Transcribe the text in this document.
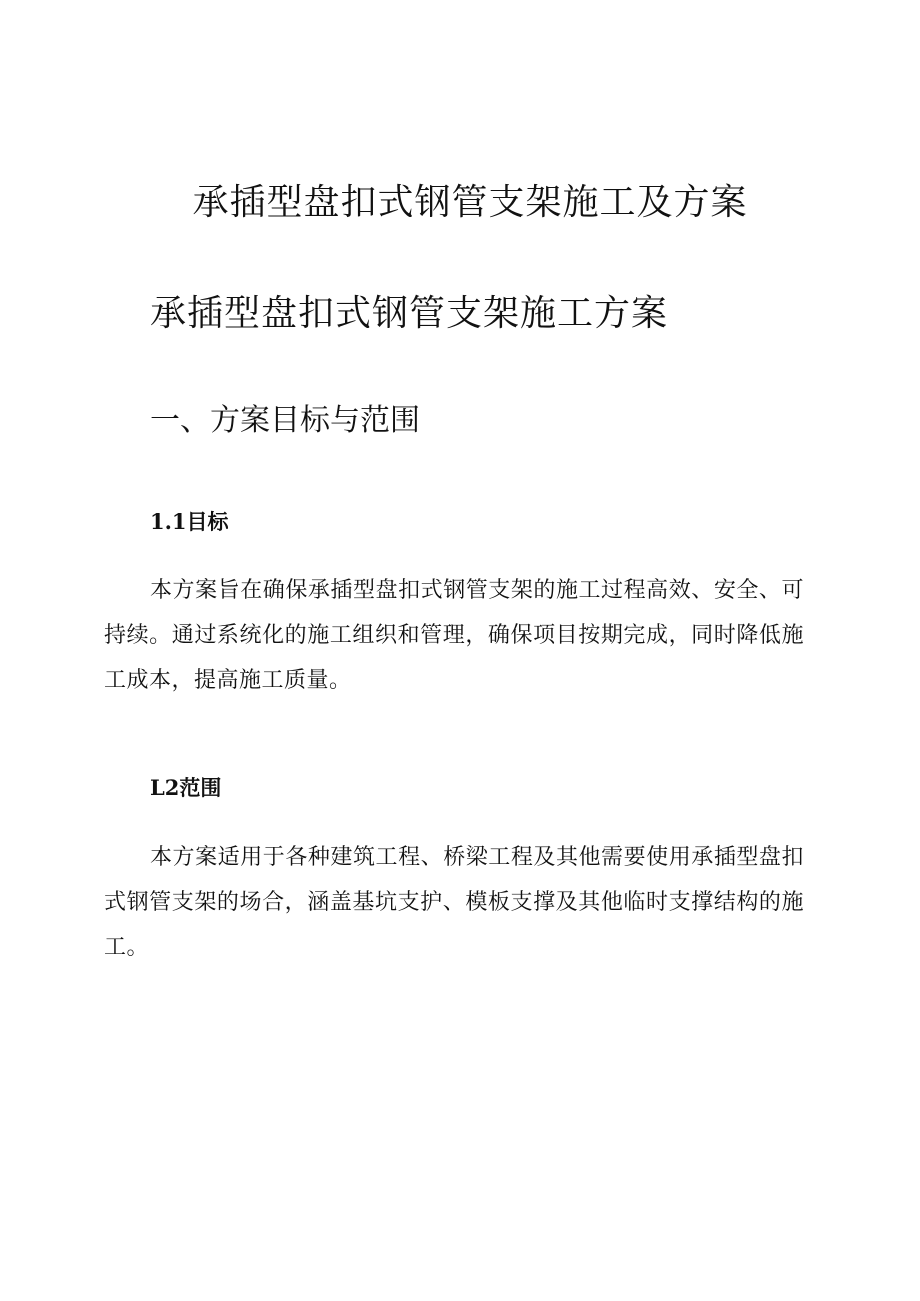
承插型盘扣式钢管支架施工及方案
承插型盘扣式钢管支架施工方案
一、方案目标与范围
1.1目标

本方案旨在确保承插型盘扣式钢管支架的施工过程高效、安全、可持续。通过系统化的施工组织和管理，确保项目按期完成，同时降低施工成本，提高施工质量。

L2范围

本方案适用于各种建筑工程、桥梁工程及其他需要使用承插型盘扣式钢管支架的场合，涵盖基坑支护、模板支撑及其他临时支撑结构的施工。
